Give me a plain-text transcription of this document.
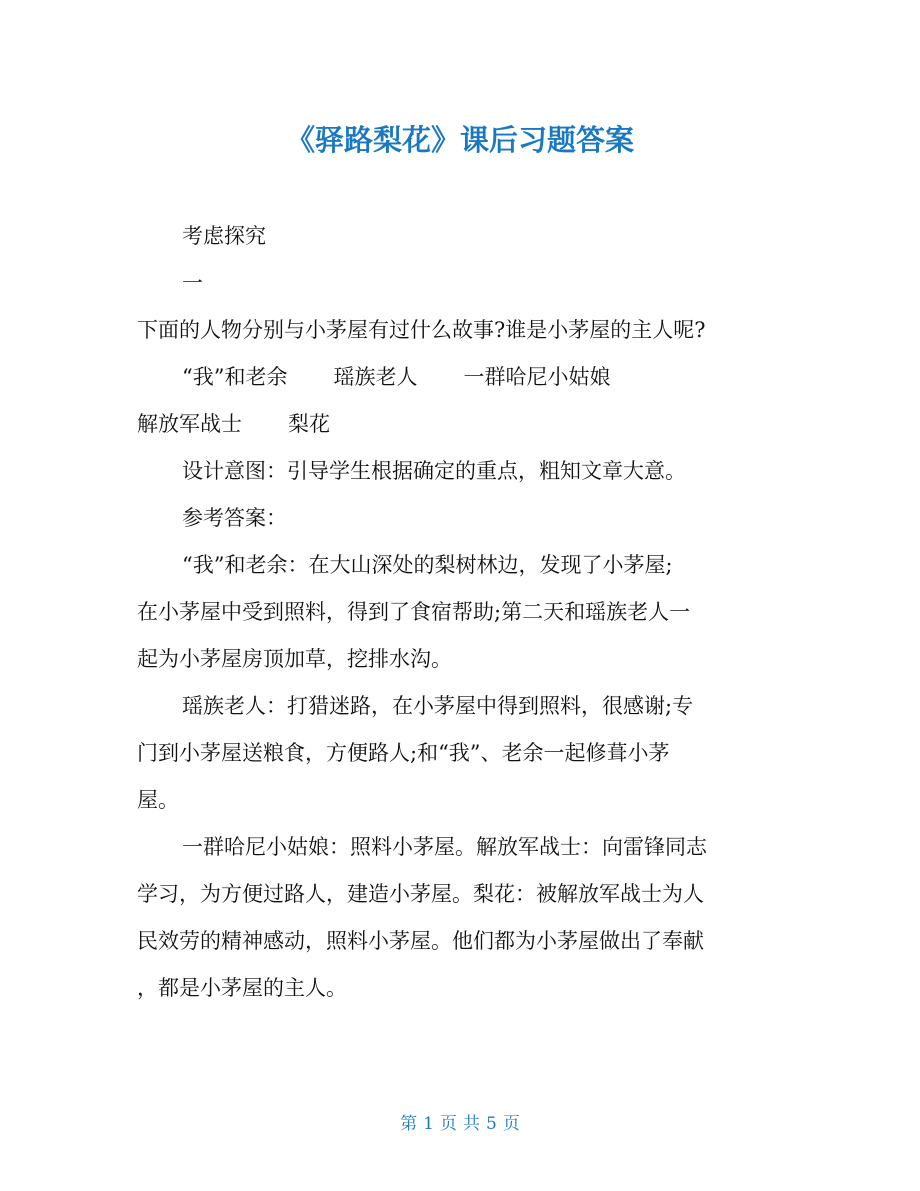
《驿路梨花》课后习题答案

考虑探究

一

下面的人物分别与小茅屋有过什么故事?谁是小茅屋的主人呢?

“我”和老余 瑶族老人 一群哈尼小姑娘

解放军战士 梨花

设计意图：引导学生根据确定的重点，粗知文章大意。

参考答案：

“我”和老余：在大山深处的梨树林边，发现了小茅屋;

在小茅屋中受到照料，得到了食宿帮助;第二天和瑶族老人一

起为小茅屋房顶加草，挖排水沟。

瑶族老人：打猎迷路，在小茅屋中得到照料，很感谢;专

门到小茅屋送粮食，方便路人;和“我”、老余一起修葺小茅

屋。

一群哈尼小姑娘：照料小茅屋。解放军战士：向雷锋同志

学习，为方便过路人，建造小茅屋。梨花：被解放军战士为人

民效劳的精神感动，照料小茅屋。他们都为小茅屋做出了奉献

，都是小茅屋的主人。

第 1 页 共 5 页
